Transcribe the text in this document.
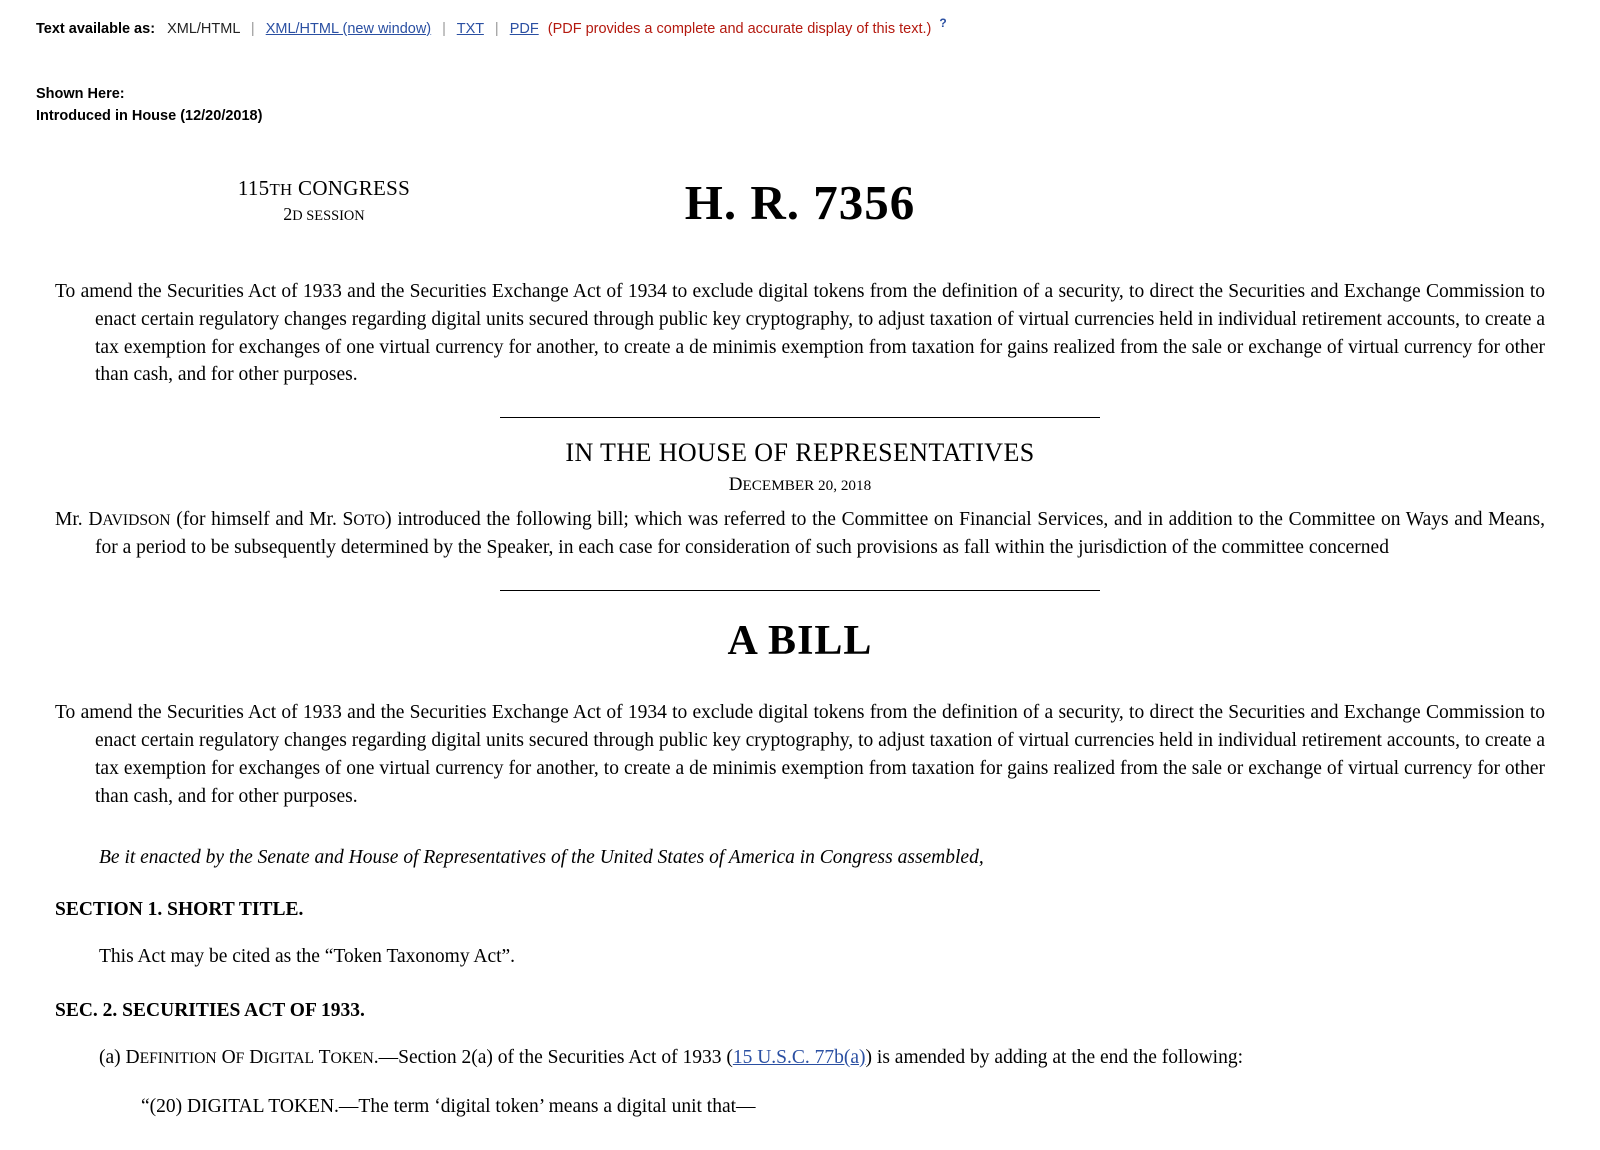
Text available as: XML/HTML | XML/HTML (new window) | TXT | PDF (PDF provides a complete and accurate display of this text.) ?
Shown Here:
Introduced in House (12/20/2018)
115TH CONGRESS
2D SESSION	H. R. 7356
To amend the Securities Act of 1933 and the Securities Exchange Act of 1934 to exclude digital tokens from the definition of a security, to direct the Securities and Exchange Commission to enact certain regulatory changes regarding digital units secured through public key cryptography, to adjust taxation of virtual currencies held in individual retirement accounts, to create a tax exemption for exchanges of one virtual currency for another, to create a de minimis exemption from taxation for gains realized from the sale or exchange of virtual currency for other than cash, and for other purposes.
IN THE HOUSE OF REPRESENTATIVES
DECEMBER 20, 2018
Mr. DAVIDSON (for himself and Mr. SOTO) introduced the following bill; which was referred to the Committee on Financial Services, and in addition to the Committee on Ways and Means, for a period to be subsequently determined by the Speaker, in each case for consideration of such provisions as fall within the jurisdiction of the committee concerned
A BILL
To amend the Securities Act of 1933 and the Securities Exchange Act of 1934 to exclude digital tokens from the definition of a security, to direct the Securities and Exchange Commission to enact certain regulatory changes regarding digital units secured through public key cryptography, to adjust taxation of virtual currencies held in individual retirement accounts, to create a tax exemption for exchanges of one virtual currency for another, to create a de minimis exemption from taxation for gains realized from the sale or exchange of virtual currency for other than cash, and for other purposes.
Be it enacted by the Senate and House of Representatives of the United States of America in Congress assembled,
SECTION 1. SHORT TITLE.
This Act may be cited as the “Token Taxonomy Act”.
SEC. 2. SECURITIES ACT OF 1933.
(a) DEFINITION OF DIGITAL TOKEN.—Section 2(a) of the Securities Act of 1933 (15 U.S.C. 77b(a)) is amended by adding at the end the following:
“(20) DIGITAL TOKEN.—The term ‘digital token’ means a digital unit that—
